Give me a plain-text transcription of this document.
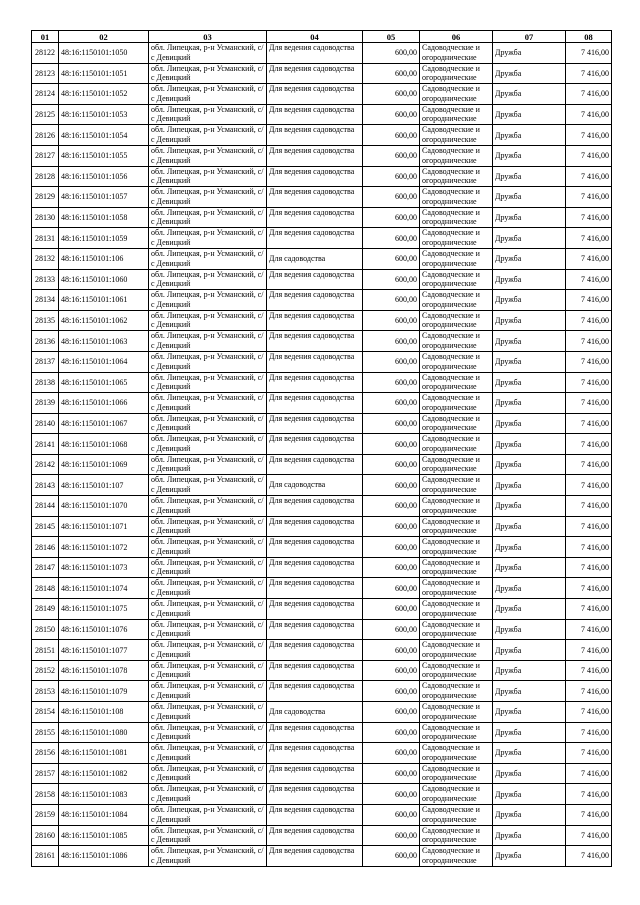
01	02	03	04	05	06	07	08
28122	48:16:1150101:1050	обл. Липецкая, р-н Усманский, с/с Девицкий	Для ведения садоводства	600,00	Садоводческие и огороднические	Дружба	7 416,00
28123	48:16:1150101:1051	обл. Липецкая, р-н Усманский, с/с Девицкий	Для ведения садоводства	600,00	Садоводческие и огороднические	Дружба	7 416,00
28124	48:16:1150101:1052	обл. Липецкая, р-н Усманский, с/с Девицкий	Для ведения садоводства	600,00	Садоводческие и огороднические	Дружба	7 416,00
28125	48:16:1150101:1053	обл. Липецкая, р-н Усманский, с/с Девицкий	Для ведения садоводства	600,00	Садоводческие и огороднические	Дружба	7 416,00
28126	48:16:1150101:1054	обл. Липецкая, р-н Усманский, с/с Девицкий	Для ведения садоводства	600,00	Садоводческие и огороднические	Дружба	7 416,00
28127	48:16:1150101:1055	обл. Липецкая, р-н Усманский, с/с Девицкий	Для ведения садоводства	600,00	Садоводческие и огороднические	Дружба	7 416,00
28128	48:16:1150101:1056	обл. Липецкая, р-н Усманский, с/с Девицкий	Для ведения садоводства	600,00	Садоводческие и огороднические	Дружба	7 416,00
28129	48:16:1150101:1057	обл. Липецкая, р-н Усманский, с/с Девицкий	Для ведения садоводства	600,00	Садоводческие и огороднические	Дружба	7 416,00
28130	48:16:1150101:1058	обл. Липецкая, р-н Усманский, с/с Девицкий	Для ведения садоводства	600,00	Садоводческие и огороднические	Дружба	7 416,00
28131	48:16:1150101:1059	обл. Липецкая, р-н Усманский, с/с Девицкий	Для ведения садоводства	600,00	Садоводческие и огороднические	Дружба	7 416,00
28132	48:16:1150101:106	обл. Липецкая, р-н Усманский, с/с Девицкий	Для садоводства	600,00	Садоводческие и огороднические	Дружба	7 416,00
28133	48:16:1150101:1060	обл. Липецкая, р-н Усманский, с/с Девицкий	Для ведения садоводства	600,00	Садоводческие и огороднические	Дружба	7 416,00
28134	48:16:1150101:1061	обл. Липецкая, р-н Усманский, с/с Девицкий	Для ведения садоводства	600,00	Садоводческие и огороднические	Дружба	7 416,00
28135	48:16:1150101:1062	обл. Липецкая, р-н Усманский, с/с Девицкий	Для ведения садоводства	600,00	Садоводческие и огороднические	Дружба	7 416,00
28136	48:16:1150101:1063	обл. Липецкая, р-н Усманский, с/с Девицкий	Для ведения садоводства	600,00	Садоводческие и огороднические	Дружба	7 416,00
28137	48:16:1150101:1064	обл. Липецкая, р-н Усманский, с/с Девицкий	Для ведения садоводства	600,00	Садоводческие и огороднические	Дружба	7 416,00
28138	48:16:1150101:1065	обл. Липецкая, р-н Усманский, с/с Девицкий	Для ведения садоводства	600,00	Садоводческие и огороднические	Дружба	7 416,00
28139	48:16:1150101:1066	обл. Липецкая, р-н Усманский, с/с Девицкий	Для ведения садоводства	600,00	Садоводческие и огороднические	Дружба	7 416,00
28140	48:16:1150101:1067	обл. Липецкая, р-н Усманский, с/с Девицкий	Для ведения садоводства	600,00	Садоводческие и огороднические	Дружба	7 416,00
28141	48:16:1150101:1068	обл. Липецкая, р-н Усманский, с/с Девицкий	Для ведения садоводства	600,00	Садоводческие и огороднические	Дружба	7 416,00
28142	48:16:1150101:1069	обл. Липецкая, р-н Усманский, с/с Девицкий	Для ведения садоводства	600,00	Садоводческие и огороднические	Дружба	7 416,00
28143	48:16:1150101:107	обл. Липецкая, р-н Усманский, с/с Девицкий	Для садоводства	600,00	Садоводческие и огороднические	Дружба	7 416,00
28144	48:16:1150101:1070	обл. Липецкая, р-н Усманский, с/с Девицкий	Для ведения садоводства	600,00	Садоводческие и огороднические	Дружба	7 416,00
28145	48:16:1150101:1071	обл. Липецкая, р-н Усманский, с/с Девицкий	Для ведения садоводства	600,00	Садоводческие и огороднические	Дружба	7 416,00
28146	48:16:1150101:1072	обл. Липецкая, р-н Усманский, с/с Девицкий	Для ведения садоводства	600,00	Садоводческие и огороднические	Дружба	7 416,00
28147	48:16:1150101:1073	обл. Липецкая, р-н Усманский, с/с Девицкий	Для ведения садоводства	600,00	Садоводческие и огороднические	Дружба	7 416,00
28148	48:16:1150101:1074	обл. Липецкая, р-н Усманский, с/с Девицкий	Для ведения садоводства	600,00	Садоводческие и огороднические	Дружба	7 416,00
28149	48:16:1150101:1075	обл. Липецкая, р-н Усманский, с/с Девицкий	Для ведения садоводства	600,00	Садоводческие и огороднические	Дружба	7 416,00
28150	48:16:1150101:1076	обл. Липецкая, р-н Усманский, с/с Девицкий	Для ведения садоводства	600,00	Садоводческие и огороднические	Дружба	7 416,00
28151	48:16:1150101:1077	обл. Липецкая, р-н Усманский, с/с Девицкий	Для ведения садоводства	600,00	Садоводческие и огороднические	Дружба	7 416,00
28152	48:16:1150101:1078	обл. Липецкая, р-н Усманский, с/с Девицкий	Для ведения садоводства	600,00	Садоводческие и огороднические	Дружба	7 416,00
28153	48:16:1150101:1079	обл. Липецкая, р-н Усманский, с/с Девицкий	Для ведения садоводства	600,00	Садоводческие и огороднические	Дружба	7 416,00
28154	48:16:1150101:108	обл. Липецкая, р-н Усманский, с/с Девицкий	Для садоводства	600,00	Садоводческие и огороднические	Дружба	7 416,00
28155	48:16:1150101:1080	обл. Липецкая, р-н Усманский, с/с Девицкий	Для ведения садоводства	600,00	Садоводческие и огороднические	Дружба	7 416,00
28156	48:16:1150101:1081	обл. Липецкая, р-н Усманский, с/с Девицкий	Для ведения садоводства	600,00	Садоводческие и огороднические	Дружба	7 416,00
28157	48:16:1150101:1082	обл. Липецкая, р-н Усманский, с/с Девицкий	Для ведения садоводства	600,00	Садоводческие и огороднические	Дружба	7 416,00
28158	48:16:1150101:1083	обл. Липецкая, р-н Усманский, с/с Девицкий	Для ведения садоводства	600,00	Садоводческие и огороднические	Дружба	7 416,00
28159	48:16:1150101:1084	обл. Липецкая, р-н Усманский, с/с Девицкий	Для ведения садоводства	600,00	Садоводческие и огороднические	Дружба	7 416,00
28160	48:16:1150101:1085	обл. Липецкая, р-н Усманский, с/с Девицкий	Для ведения садоводства	600,00	Садоводческие и огороднические	Дружба	7 416,00
28161	48:16:1150101:1086	обл. Липецкая, р-н Усманский, с/с Девицкий	Для ведения садоводства	600,00	Садоводческие и огороднические	Дружба	7 416,00
